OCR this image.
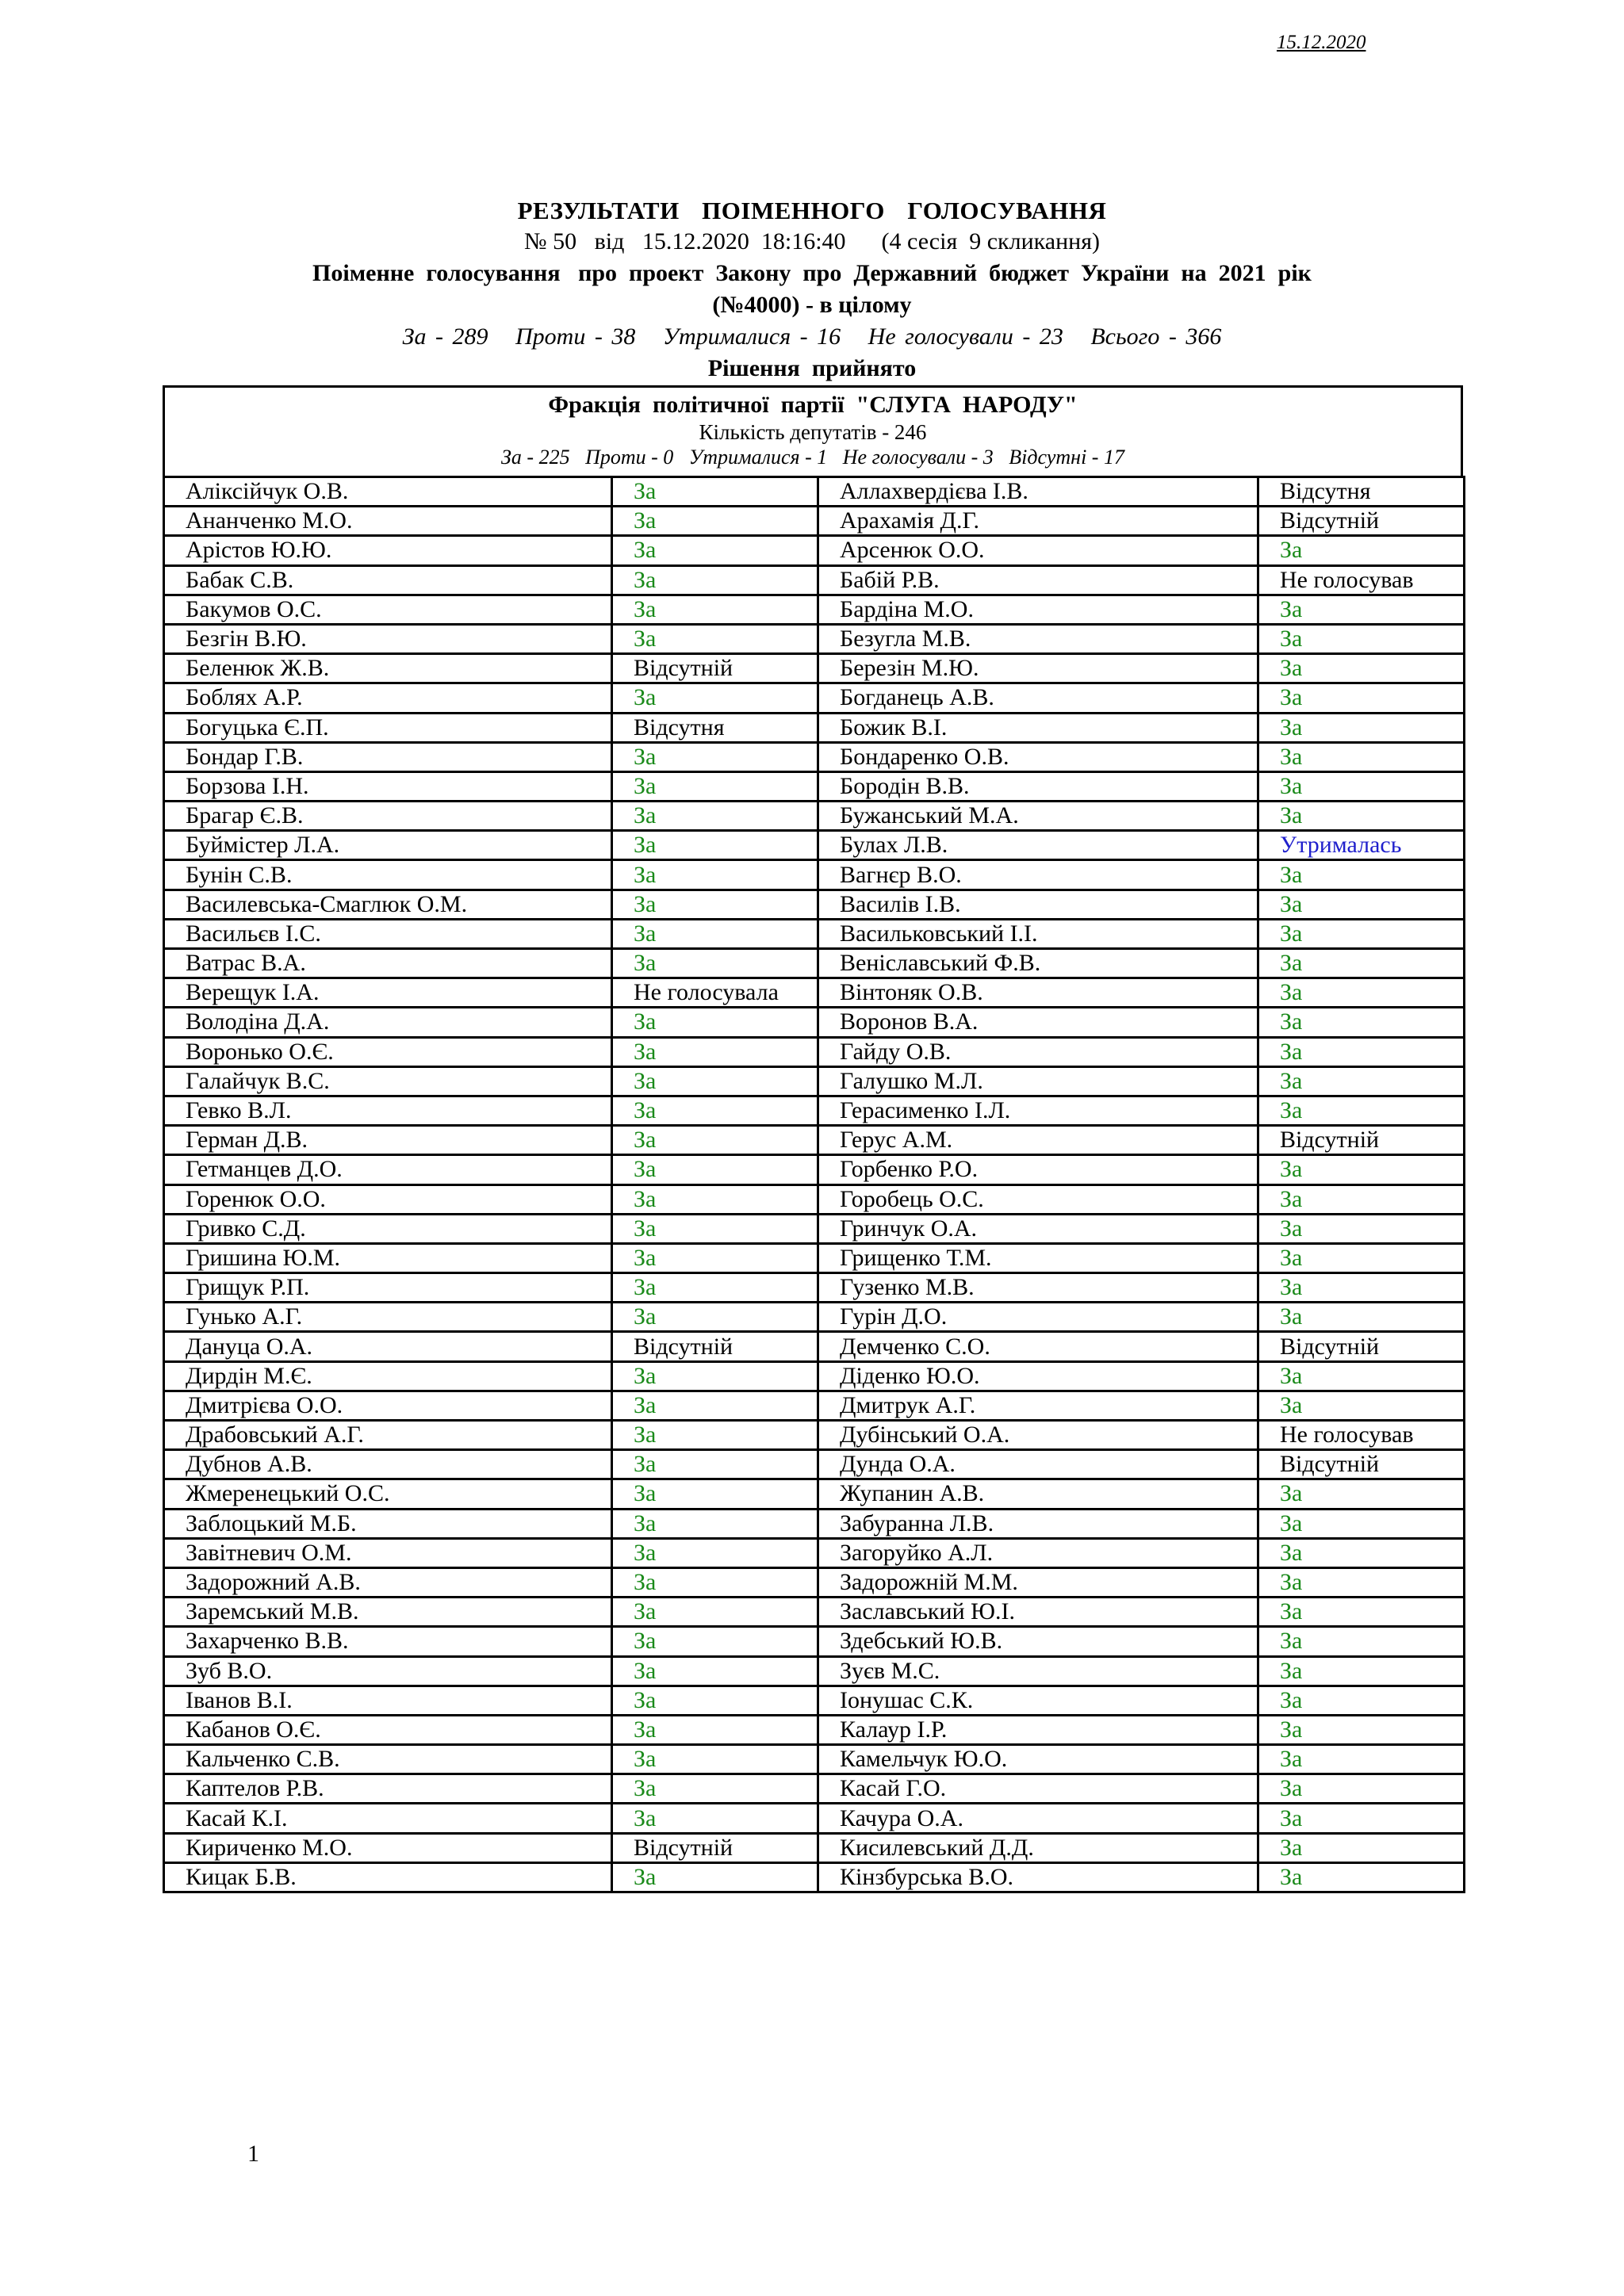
15.12.2020
РЕЗУЛЬТАТИ  ПОІМЕННОГО  ГОЛОСУВАННЯ
№ 50   від   15.12.2020  18:16:40      (4 сесія  9 скликання)
Поіменне  голосування   про  проект  Закону  про  Державний  бюджет  України  на  2021  рік
(№4000) - в цілому
За - 289   Проти - 38   Утрималися - 16   Не голосували - 23   Всього - 366
Рішення  прийнято
Фракція  політичної  партії  "СЛУГА  НАРОДУ"
Кількість депутатів - 246
За - 225   Проти - 0   Утрималися - 1   Не голосували - 3   Відсутні - 17
Аліксійчук О.В.	За	Аллахвердієва І.В.	Відсутня
Ананченко М.О.	За	Арахамія Д.Г.	Відсутній
Арістов Ю.Ю.	За	Арсенюк О.О.	За
Бабак С.В.	За	Бабій Р.В.	Не голосував
Бакумов О.С.	За	Бардіна М.О.	За
Безгін В.Ю.	За	Безугла М.В.	За
Беленюк Ж.В.	Відсутній	Березін М.Ю.	За
Боблях А.Р.	За	Богданець А.В.	За
Богуцька Є.П.	Відсутня	Божик В.І.	За
Бондар Г.В.	За	Бондаренко О.В.	За
Борзова І.Н.	За	Бородін В.В.	За
Брагар Є.В.	За	Бужанський М.А.	За
Буймістер Л.А.	За	Булах Л.В.	Утрималась
Бунін С.В.	За	Вагнєр В.О.	За
Василевська-Смаглюк О.М.	За	Василів І.В.	За
Васильєв І.С.	За	Васильковський І.І.	За
Ватрас В.А.	За	Веніславський Ф.В.	За
Верещук І.А.	Не голосувала	Вінтоняк О.В.	За
Володіна Д.А.	За	Воронов В.А.	За
Воронько О.Є.	За	Гайду О.В.	За
Галайчук В.С.	За	Галушко М.Л.	За
Гевко В.Л.	За	Герасименко І.Л.	За
Герман Д.В.	За	Герус А.М.	Відсутній
Гетманцев Д.О.	За	Горбенко Р.О.	За
Горенюк О.О.	За	Горобець О.С.	За
Гривко С.Д.	За	Гринчук О.А.	За
Гришина Ю.М.	За	Грищенко Т.М.	За
Грищук Р.П.	За	Гузенко М.В.	За
Гунько А.Г.	За	Гурін Д.О.	За
Дануца О.А.	Відсутній	Демченко С.О.	Відсутній
Дирдін М.Є.	За	Діденко Ю.О.	За
Дмитрієва О.О.	За	Дмитрук А.Г.	За
Драбовський А.Г.	За	Дубінський О.А.	Не голосував
Дубнов А.В.	За	Дунда О.А.	Відсутній
Жмеренецький О.С.	За	Жупанин А.В.	За
Заблоцький М.Б.	За	Забуранна Л.В.	За
Завітневич О.М.	За	Загоруйко А.Л.	За
Задорожний А.В.	За	Задорожній М.М.	За
Заремський М.В.	За	Заславський Ю.І.	За
Захарченко В.В.	За	Здебський Ю.В.	За
Зуб В.О.	За	Зуєв М.С.	За
Іванов В.І.	За	Іонушас С.К.	За
Кабанов О.Є.	За	Калаур І.Р.	За
Кальченко С.В.	За	Камельчук Ю.О.	За
Каптелов Р.В.	За	Касай Г.О.	За
Касай К.І.	За	Качура О.А.	За
Кириченко М.О.	Відсутній	Кисилевський Д.Д.	За
Кицак Б.В.	За	Кінзбурська В.О.	За
1
